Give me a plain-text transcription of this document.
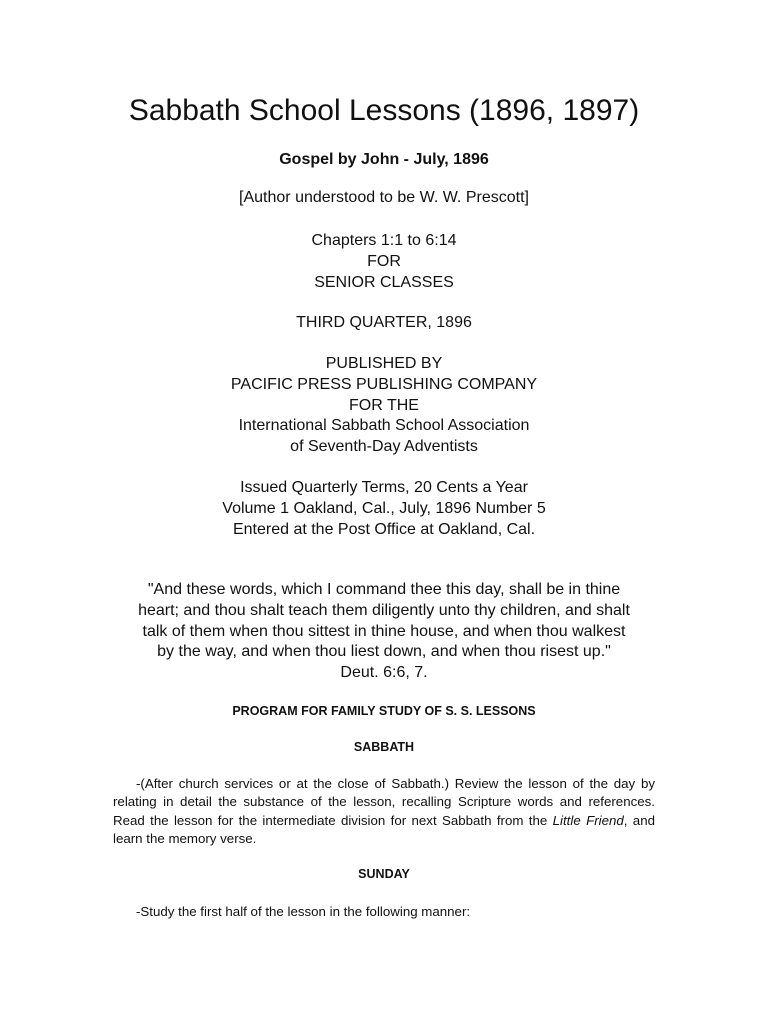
Sabbath School Lessons (1896, 1897)
Gospel by John - July, 1896
[Author understood to be W. W. Prescott]
Chapters 1:1 to 6:14
FOR
SENIOR CLASSES
THIRD QUARTER, 1896
PUBLISHED BY
PACIFIC PRESS PUBLISHING COMPANY
FOR THE
International Sabbath School Association
of Seventh-Day Adventists
Issued Quarterly Terms, 20 Cents a Year
Volume 1 Oakland, Cal., July, 1896 Number 5
Entered at the Post Office at Oakland, Cal.
"And these words, which I command thee this day, shall be in thine
heart; and thou shalt teach them diligently unto thy children, and shalt
talk of them when thou sittest in thine house, and when thou walkest
by the way, and when thou liest down, and when thou risest up."
Deut. 6:6, 7.
PROGRAM FOR FAMILY STUDY OF S. S. LESSONS
SABBATH

-(After church services or at the close of Sabbath.) Review the lesson of the day by relating in detail the substance of the lesson, recalling Scripture words and references. Read the lesson for the intermediate division for next Sabbath from the Little Friend, and learn the memory verse.

SUNDAY

-Study the first half of the lesson in the following manner:
